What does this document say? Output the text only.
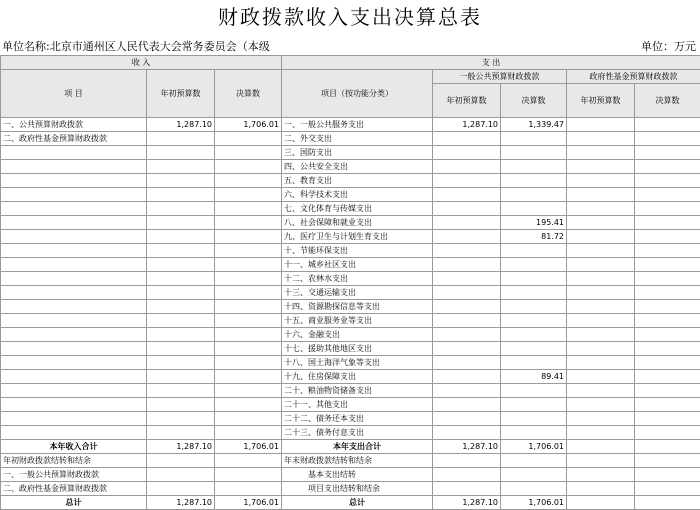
财政拨款收入支出决算总表
单位名称:北京市通州区人民代表大会常务委员会（本级	单位：万元
收 入			支 出				
项 目	年初预算数	决算数	项目（按功能分类）	一般公共预算财政拨款		政府性基金预算财政拨款	
				年初预算数	决算数	年初预算数	决算数
一、公共预算财政拨款	1,287.10	1,706.01	一、一般公共服务支出	1,287.10	1,339.47		
二、政府性基金预算财政拨款			二、外交支出				
			三、国防支出				
			四、公共安全支出				
			五、教育支出				
			六、科学技术支出				
			七、文化体育与传媒支出				
			八、社会保障和就业支出		195.41		
			九、医疗卫生与计划生育支出		81.72		
			十、节能环保支出				
			十一、城乡社区支出				
			十二、农林水支出				
			十三、交通运输支出				
			十四、资源勘探信息等支出				
			十五、商业服务业等支出				
			十六、金融支出				
			十七、援助其他地区支出				
			十八、国土海洋气象等支出				
			十九、住房保障支出		89.41		
			二十、粮油物资储备支出				
			二十一、其他支出				
			二十二、债务还本支出				
			二十三、债务付息支出				
本年收入合计	1,287.10	1,706.01	本年支出合计	1,287.10	1,706.01		
年初财政拨款结转和结余			年末财政拨款结转和结余				
一、一般公共预算财政拨款			基本支出结转				
二、政府性基金预算财政拨款			项目支出结转和结余				
总计	1,287.10	1,706.01	总计	1,287.10	1,706.01		
